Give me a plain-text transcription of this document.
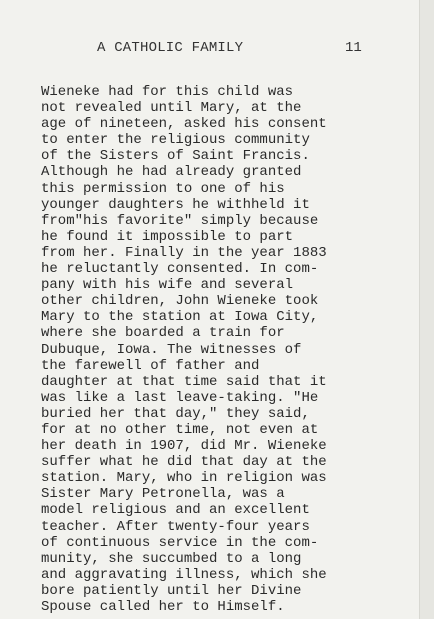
A CATHOLIC FAMILY	11
Wieneke had for this child was
not revealed until Mary, at the
age of nineteen, asked his consent
to enter the religious community
of the Sisters of Saint Francis.
Although he had already granted
this permission to one of his
younger daughters he withheld it
from"his favorite" simply because
he found it impossible to part
from her. Finally in the year 1883
he reluctantly consented. In com-
pany with his wife and several
other children, John Wieneke took
Mary to the station at Iowa City,
where she boarded a train for
Dubuque, Iowa. The witnesses of
the farewell of father and
daughter at that time said that it
was like a last leave-taking. "He
buried her that day," they said,
for at no other time, not even at
her death in 1907, did Mr. Wieneke
suffer what he did that day at the
station. Mary, who in religion was
Sister Mary Petronella, was a
model religious and an excellent
teacher. After twenty-four years
of continuous service in the com-
munity, she succumbed to a long
and aggravating illness, which she
bore patiently until her Divine
Spouse called her to Himself.
